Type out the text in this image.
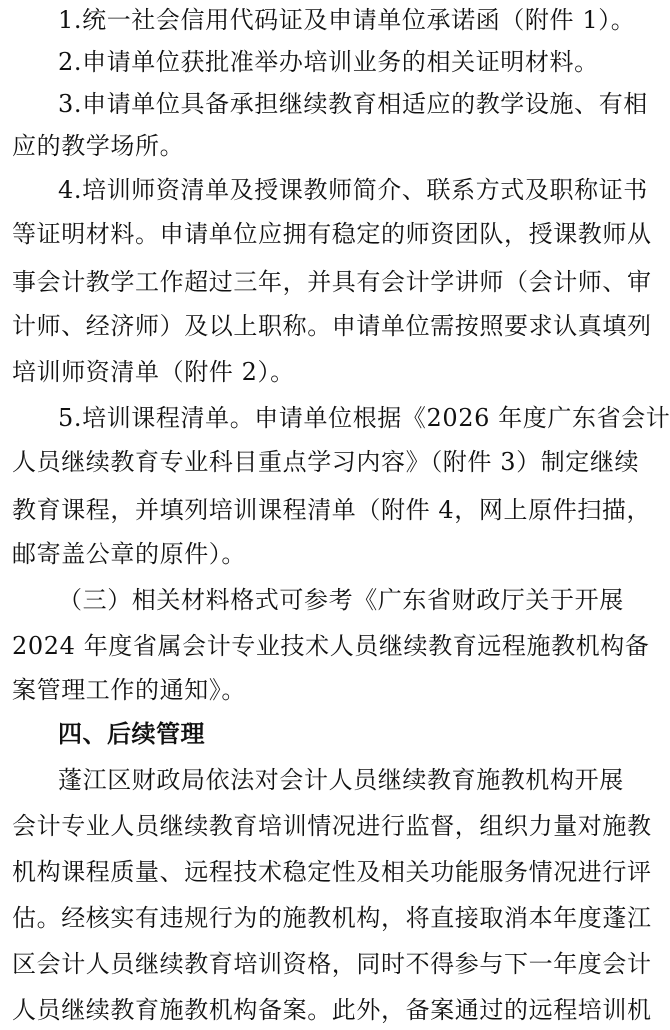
1.统一社会信用代码证及申请单位承诺函（附件 1）。
2.申请单位获批准举办培训业务的相关证明材料。
3.申请单位具备承担继续教育相适应的教学设施、有相
应的教学场所。
4.培训师资清单及授课教师简介、联系方式及职称证书
等证明材料。申请单位应拥有稳定的师资团队，授课教师从
事会计教学工作超过三年，并具有会计学讲师（会计师、审
计师、经济师）及以上职称。申请单位需按照要求认真填列
培训师资清单（附件 2）。
5.培训课程清单。申请单位根据《2026 年度广东省会计
人员继续教育专业科目重点学习内容》（附件 3）制定继续
教育课程，并填列培训课程清单（附件 4，网上原件扫描，
邮寄盖公章的原件）。
（三）相关材料格式可参考《广东省财政厅关于开展
2024 年度省属会计专业技术人员继续教育远程施教机构备
案管理工作的通知》。
四、后续管理
蓬江区财政局依法对会计人员继续教育施教机构开展
会计专业人员继续教育培训情况进行监督，组织力量对施教
机构课程质量、远程技术稳定性及相关功能服务情况进行评
估。经核实有违规行为的施教机构，将直接取消本年度蓬江
区会计人员继续教育培训资格，同时不得参与下一年度会计
人员继续教育施教机构备案。此外，备案通过的远程培训机
